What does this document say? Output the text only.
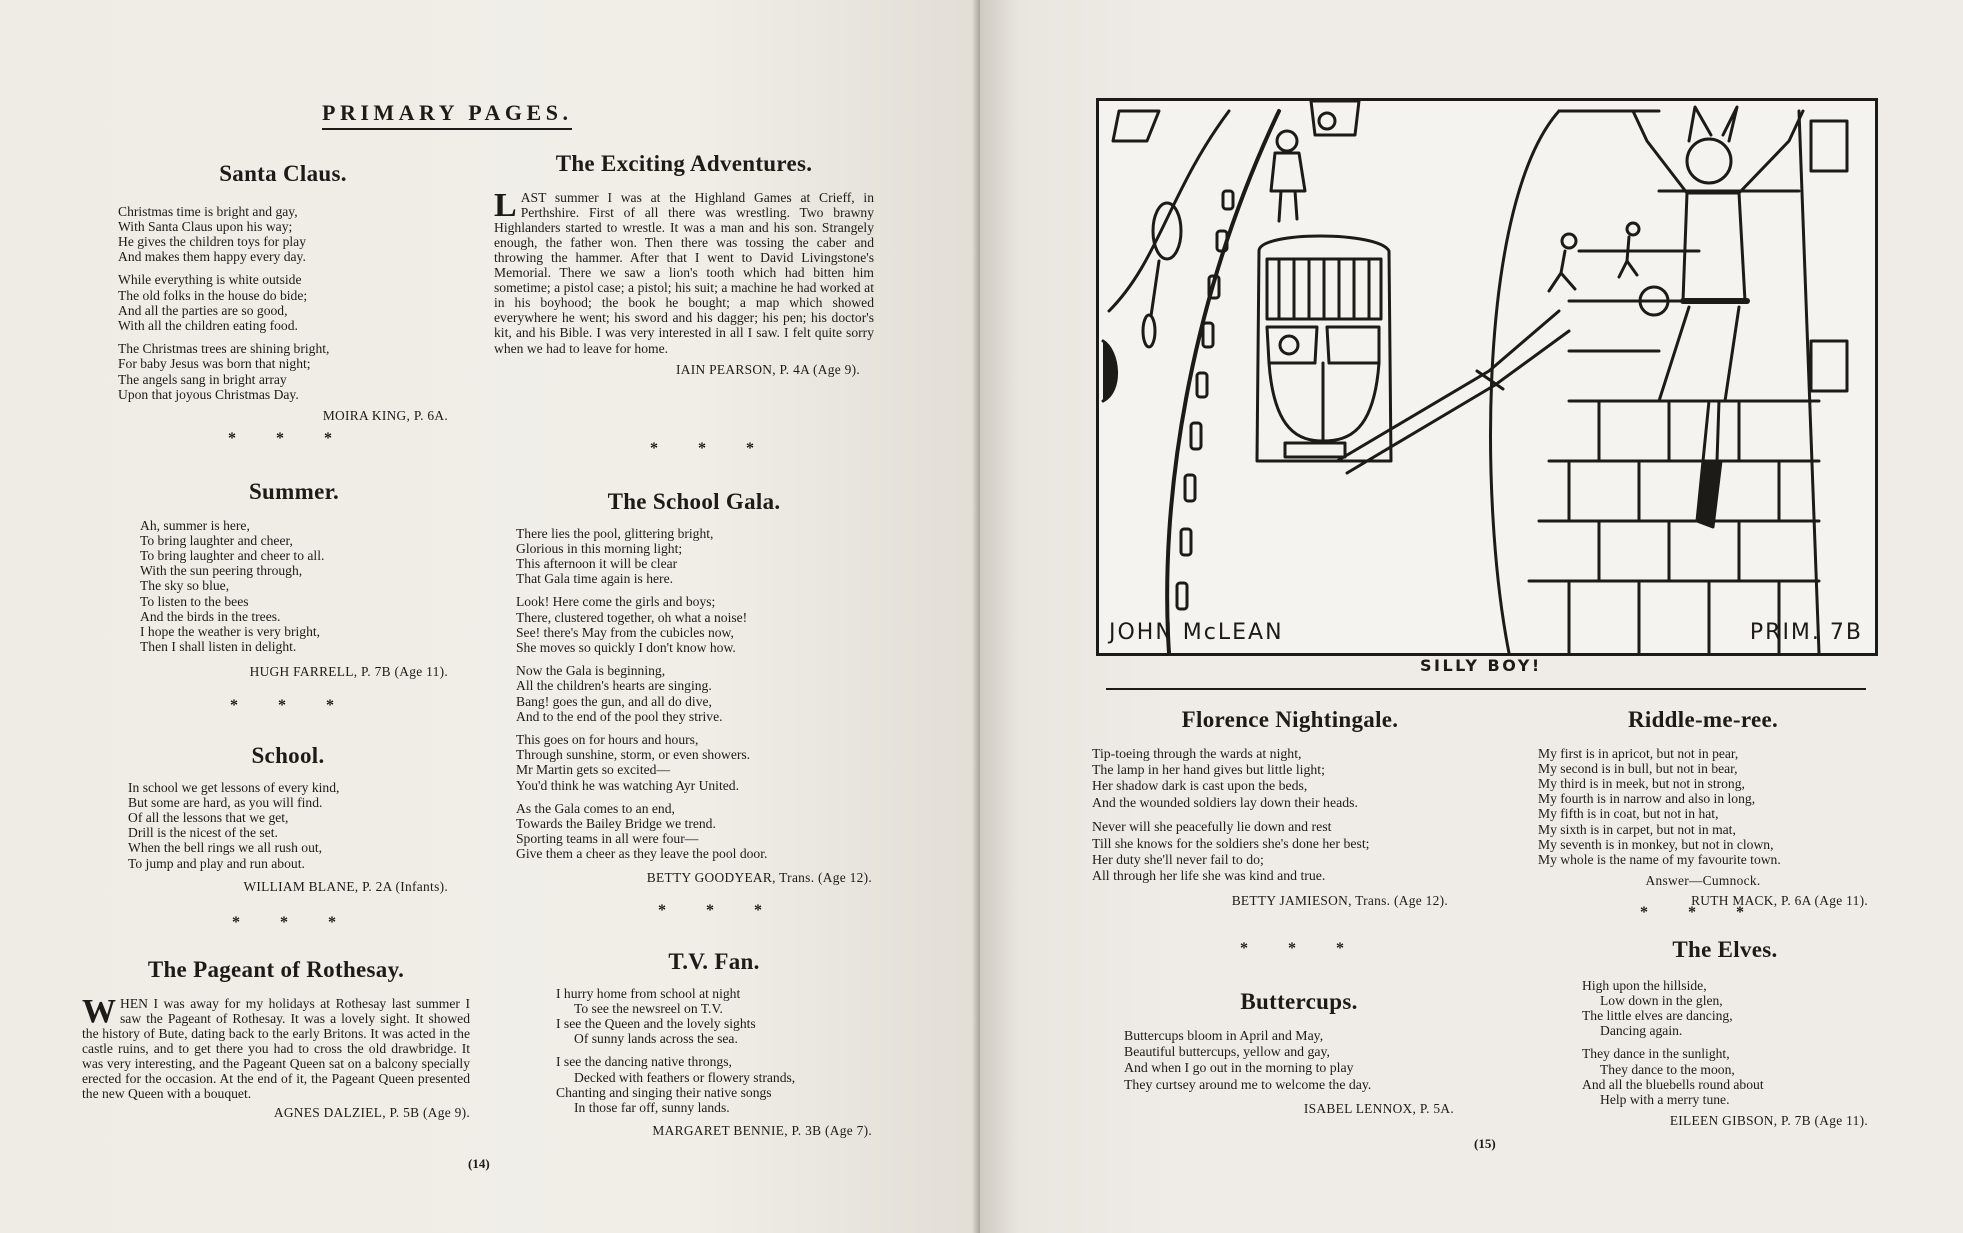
PRIMARY PAGES.
Santa Claus.
Christmas time is bright and gay,
With Santa Claus upon his way;
He gives the children toys for play
And makes them happy every day.
While everything is white outside
The old folks in the house do bide;
And all the parties are so good,
With all the children eating food.
The Christmas trees are shining bright,
For baby Jesus was born that night;
The angels sang in bright array
Upon that joyous Christmas Day.
MOIRA KING, P. 6A.
* * *
Summer.
Ah, summer is here,
To bring laughter and cheer,
To bring laughter and cheer to all.
With the sun peering through,
The sky so blue,
To listen to the bees
And the birds in the trees.
I hope the weather is very bright,
Then I shall listen in delight.
HUGH FARRELL, P. 7B (Age 11).
* * *
School.
In school we get lessons of every kind,
But some are hard, as you will find.
Of all the lessons that we get,
Drill is the nicest of the set.
When the bell rings we all rush out,
To jump and play and run about.
WILLIAM BLANE, P. 2A (Infants).
* * *
The Pageant of Rothesay.

WHEN I was away for my holidays at Rothesay last summer I saw the Pageant of Rothesay. It was a lovely sight. It showed the history of Bute, dating back to the early Britons. It was acted in the castle ruins, and to get there you had to cross the old drawbridge. It was very interesting, and the Pageant Queen sat on a balcony specially erected for the occasion. At the end of it, the Pageant Queen presented the new Queen with a bouquet.

AGNES DALZIEL, P. 5B (Age 9).
The Exciting Adventures.

LAST summer I was at the Highland Games at Crieff, in Perthshire. First of all there was wrestling. Two brawny Highlanders started to wrestle. It was a man and his son. Strangely enough, the father won. Then there was tossing the caber and throwing the hammer. After that I went to David Livingstone's Memorial. There we saw a lion's tooth which had bitten him sometime; a pistol case; a pistol; his suit; a machine he had worked at in his boyhood; the book he bought; a map which showed everywhere he went; his sword and his dagger; his pen; his doctor's kit, and his Bible. I was very interested in all I saw. I felt quite sorry when we had to leave for home.

IAIN PEARSON, P. 4A (Age 9).
* * *
The School Gala.
There lies the pool, glittering bright,
Glorious in this morning light;
This afternoon it will be clear
That Gala time again is here.
Look! Here come the girls and boys;
There, clustered together, oh what a noise!
See! there's May from the cubicles now,
She moves so quickly I don't know how.
Now the Gala is beginning,
All the children's hearts are singing.
Bang! goes the gun, and all do dive,
And to the end of the pool they strive.
This goes on for hours and hours,
Through sunshine, storm, or even showers.
Mr Martin gets so excited—
You'd think he was watching Ayr United.
As the Gala comes to an end,
Towards the Bailey Bridge we trend.
Sporting teams in all were four—
Give them a cheer as they leave the pool door.
BETTY GOODYEAR, Trans. (Age 12).
* * *
T.V. Fan.
I hurry home from school at night
To see the newsreel on T.V.
I see the Queen and the lovely sights
Of sunny lands across the sea.
I see the dancing native throngs,
Decked with feathers or flowery strands,
Chanting and singing their native songs
In those far off, sunny lands.
MARGARET BENNIE, P. 3B (Age 7).
(14)
JOHN McLEAN	PRIM. 7B
SILLY BOY!
Florence Nightingale.
Tip-toeing through the wards at night,
The lamp in her hand gives but little light;
Her shadow dark is cast upon the beds,
And the wounded soldiers lay down their heads.
Never will she peacefully lie down and rest
Till she knows for the soldiers she's done her best;
Her duty she'll never fail to do;
All through her life she was kind and true.
BETTY JAMIESON, Trans. (Age 12).
* * *
Buttercups.
Buttercups bloom in April and May,
Beautiful buttercups, yellow and gay,
And when I go out in the morning to play
They curtsey around me to welcome the day.
ISABEL LENNOX, P. 5A.
Riddle-me-ree.
My first is in apricot, but not in pear,
My second is in bull, but not in bear,
My third is in meek, but not in strong,
My fourth is in narrow and also in long,
My fifth is in coat, but not in hat,
My sixth is in carpet, but not in mat,
My seventh is in monkey, but not in clown,
My whole is the name of my favourite town.
Answer—Cumnock.
RUTH MACK, P. 6A (Age 11).
* * *
The Elves.
High upon the hillside,
Low down in the glen,
The little elves are dancing,
Dancing again.
They dance in the sunlight,
They dance to the moon,
And all the bluebells round about
Help with a merry tune.
EILEEN GIBSON, P. 7B (Age 11).
(15)
